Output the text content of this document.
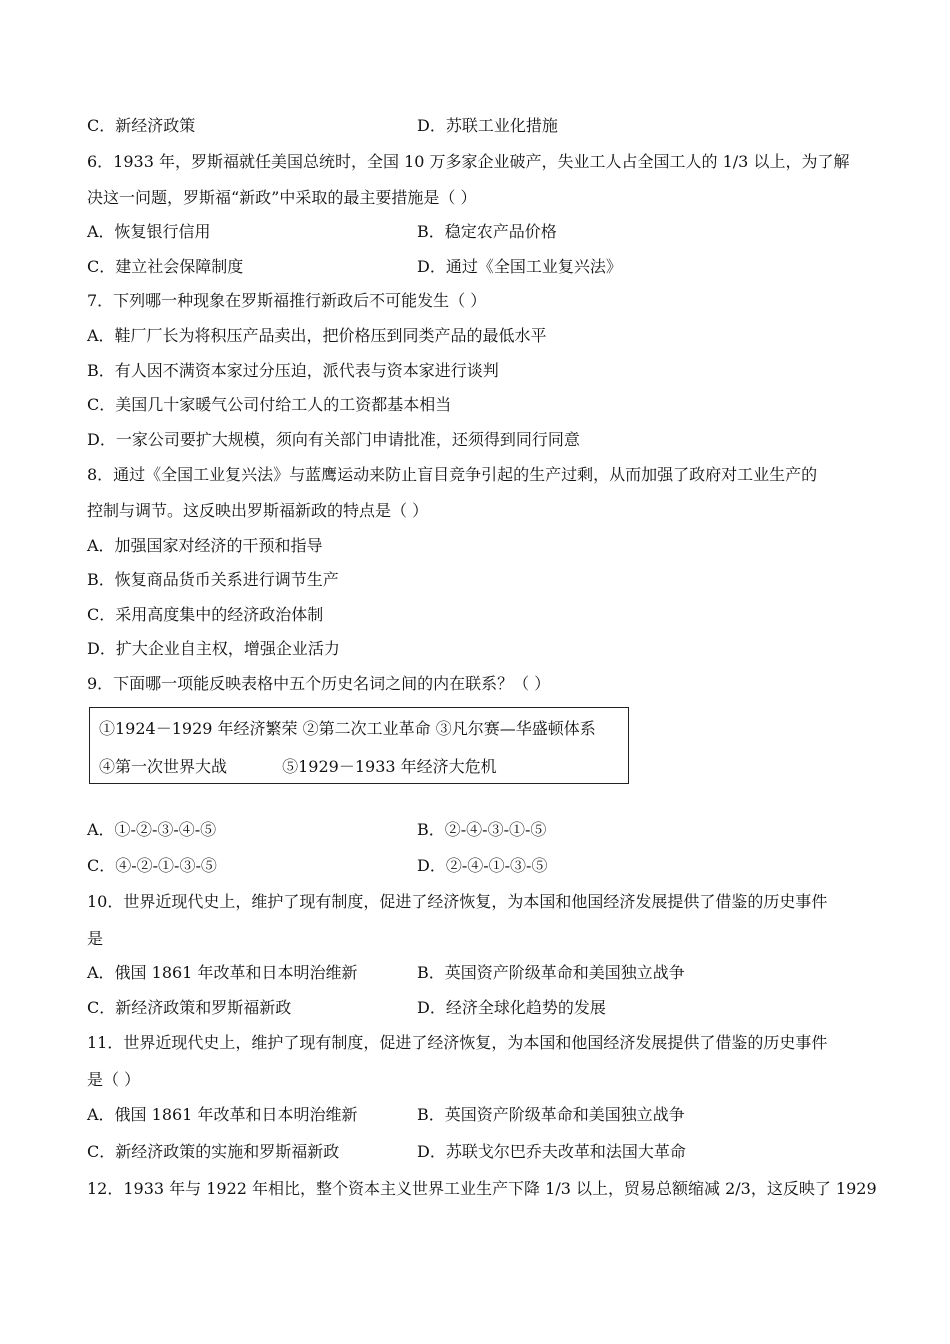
C．新经济政策	D．苏联工业化措施
6．1933 年，罗斯福就任美国总统时，全国 10 万多家企业破产，失业工人占全国工人的 1/3 以上，为了解
决这一问题，罗斯福“新政”中采取的最主要措施是（ ）
A．恢复银行信用	B．稳定农产品价格
C．建立社会保障制度	D．通过《全国工业复兴法》
7．下列哪一种现象在罗斯福推行新政后不可能发生（ ）
A．鞋厂厂长为将积压产品卖出，把价格压到同类产品的最低水平
B．有人因不满资本家过分压迫，派代表与资本家进行谈判
C．美国几十家暖气公司付给工人的工资都基本相当
D．一家公司要扩大规模，须向有关部门申请批准，还须得到同行同意
8．通过《全国工业复兴法》与蓝鹰运动来防止盲目竞争引起的生产过剩，从而加强了政府对工业生产的
控制与调节。这反映出罗斯福新政的特点是（ ）
A．加强国家对经济的干预和指导
B．恢复商品货币关系进行调节生产
C．采用高度集中的经济政治体制
D．扩大企业自主权，增强企业活力
9．下面哪一项能反映表格中五个历史名词之间的内在联系？（ ）
①1924－1929 年经济繁荣 ②第二次工业革命 ③凡尔赛—华盛顿体系
④第一次世界大战	⑤1929－1933 年经济大危机
A．①-②-③-④-⑤	B．②-④-③-①-⑤
C．④-②-①-③-⑤	D．②-④-①-③-⑤
10．世界近现代史上，维护了现有制度，促进了经济恢复，为本国和他国经济发展提供了借鉴的历史事件
是
A．俄国 1861 年改革和日本明治维新	B．英国资产阶级革命和美国独立战争
C．新经济政策和罗斯福新政	D．经济全球化趋势的发展
11．世界近现代史上，维护了现有制度，促进了经济恢复，为本国和他国经济发展提供了借鉴的历史事件
是（ ）
A．俄国 1861 年改革和日本明治维新	B．英国资产阶级革命和美国独立战争
C．新经济政策的实施和罗斯福新政	D．苏联戈尔巴乔夫改革和法国大革命
12．1933 年与 1922 年相比，整个资本主义世界工业生产下降 1/3 以上，贸易总额缩减 2/3，这反映了 1929
